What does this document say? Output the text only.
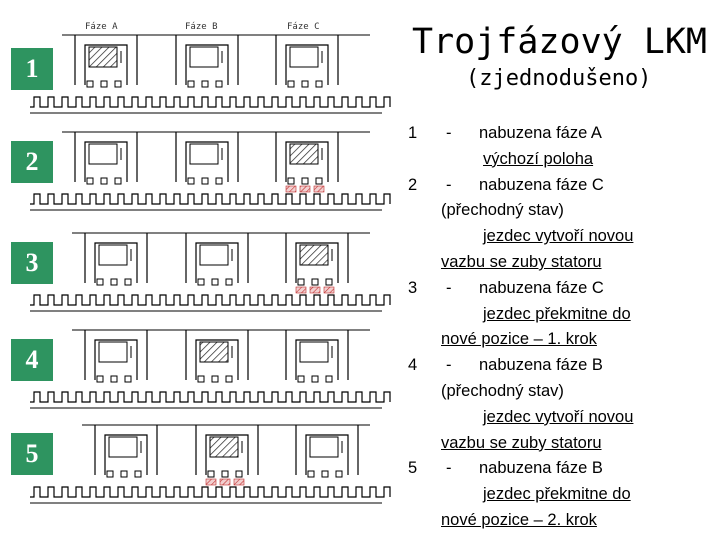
Trojfázový LKM
(zjednodušeno)
Fáze A	Fáze B	Fáze C
1
2
3
4
5
1 - nabuzena fáze A
výchozí poloha
2 - nabuzena fáze C
(přechodný stav)
jezdec vytvoří novou
vazbu se zuby statoru
3 - nabuzena fáze C
jezdec překmitne do
nové pozice – 1. krok
4 - nabuzena fáze B
(přechodný stav)
jezdec vytvoří novou
vazbu se zuby statoru
5 - nabuzena fáze B
jezdec překmitne do
nové pozice – 2. krok
